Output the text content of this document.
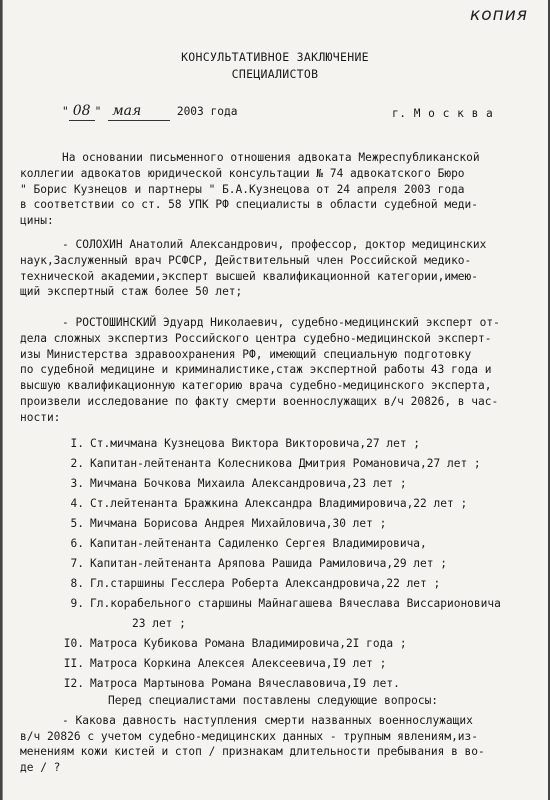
копия
КОНСУЛЬТАТИВНОЕ ЗАКЛЮЧЕНИЕ
СПЕЦИАЛИСТОВ
" 08 " мая	2003 года	г. М о с к в а
На основании письменного отношения адвоката Межреспубликанской
коллегии адвокатов юридической консультации № 74 адвокатского Бюро
" Борис Кузнецов и партнеры " Б.А.Кузнецова от 24 апреля 2003 года
в соответствии со ст. 58 УПК РФ специалисты в области судебной меди-
цины:
- СОЛОХИН Анатолий Александрович, профессор, доктор медицинских
наук,Заслуженный врач РСФСР, Действительный член Российской медико-
технической академии,эксперт высшей квалификационной категории,имею-
щий экспертный стаж более 50 лет;
- РОСТОШИНСКИЙ Эдуард Николаевич, судебно-медицинский эксперт от-
дела сложных экспертиз Российского центра судебно-медицинской эксперт-
изы Министерства здравоохранения РФ, имеющий специальную подготовку
по судебной медицине и криминалистике,стаж экспертной работы 43 года и
высшую квалификационную категорию врача судебно-медицинского эксперта,
произвели исследование по факту смерти военнослужащих в/ч 20826, в час-
ности:
I. Ст.мичмана Кузнецова Виктора Викторовича,27 лет ;
2. Капитан-лейтенанта Колесникова Дмитрия Романовича,27 лет ;
3. Мичмана Бочкова Михаила Александровича,23 лет ;
4. Ст.лейтенанта Бражкина Александра Владимировича,22 лет ;
5. Мичмана Борисова Андрея Михайловича,30 лет ;
6. Капитан-лейтенанта Садиленко Сергея Владимировича,
7. Капитан-лейтенанта Аряпова Рашида Рамиловича,29 лет ;
8. Гл.старшины Гесслера Роберта Александровича,22 лет ;
9. Гл.корабельного старшины Майнагашева Вячеслава Виссарионовича
23 лет ;
I0. Матроса Кубикова Романа Владимировича,2I года ;
II. Матроса Коркина Алексея Алексеевича,I9 лет ;
I2. Матроса Мартынова Романа Вячеславовича,I9 лет.
Перед специалистами поставлены следующие вопросы:
- Какова давность наступления смерти названных военнослужащих
в/ч 20826 с учетом судебно-медицинских данных - трупным явлениям,из-
менениям кожи кистей и стоп / признакам длительности пребывания в во-
де / ?
